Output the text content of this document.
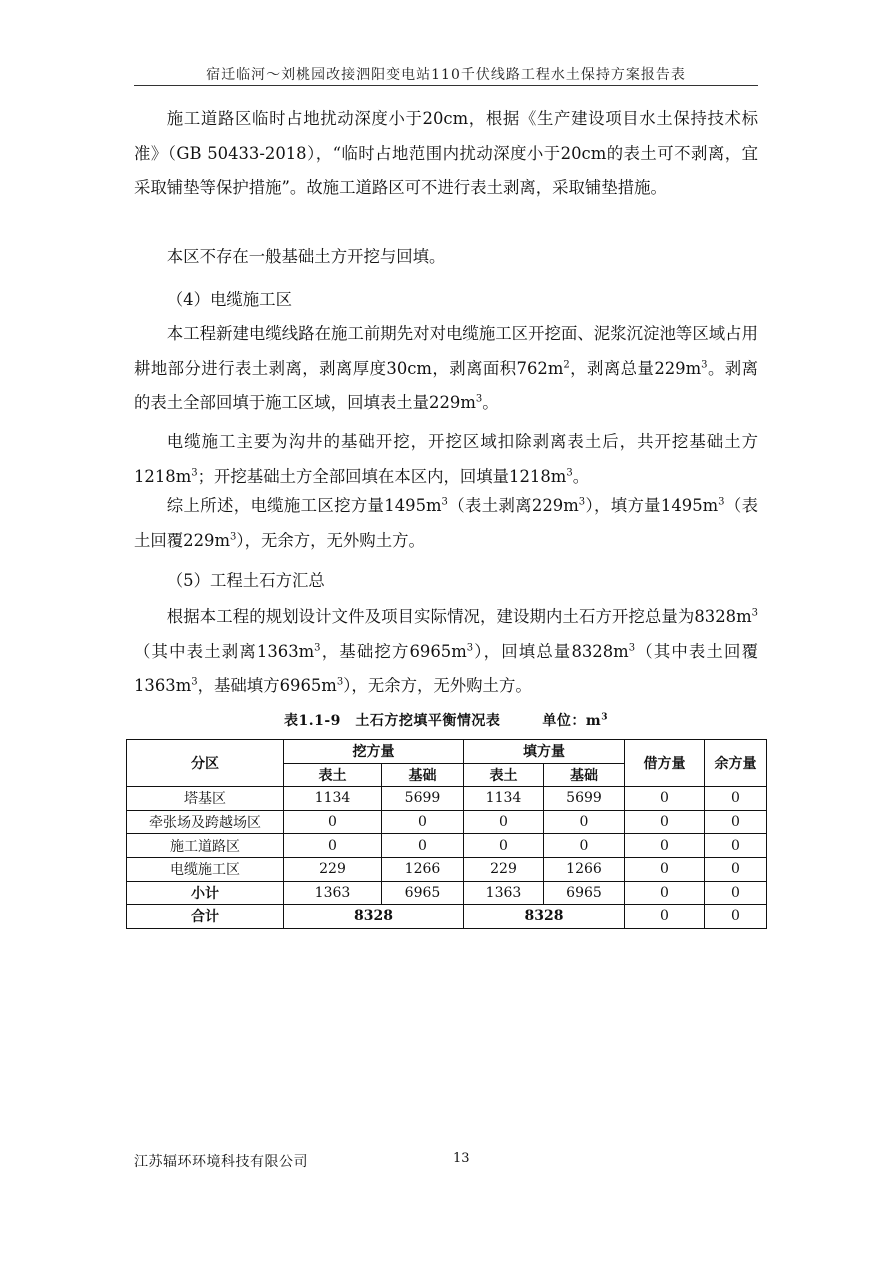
宿迁临河～刘桃园改接泗阳变电站110千伏线路工程水土保持方案报告表

施工道路区临时占地扰动深度小于20cm，根据《生产建设项目水土保持技术标准》（GB 50433-2018），“临时占地范围内扰动深度小于20cm的表土可不剥离，宜采取铺垫等保护措施”。故施工道路区可不进行表土剥离，采取铺垫措施。

本区不存在一般基础土方开挖与回填。

（4）电缆施工区

本工程新建电缆线路在施工前期先对对电缆施工区开挖面、泥浆沉淀池等区域占用耕地部分进行表土剥离，剥离厚度30cm，剥离面积$762m^2$，剥离总量$229m^3$。剥离的表土全部回填于施工区域，回填表土量$229m^3$。

电缆施工主要为沟井的基础开挖，开挖区域扣除剥离表土后，共开挖基础土方$1218m^3$；开挖基础土方全部回填在本区内，回填量$1218m^3$。

综上所述，电缆施工区挖方量$1495m^3$（表土剥离$229m^3$），填方量$1495m^3$（表土回覆$229m^3$），无余方，无外购土方。

（5）工程土石方汇总

根据本工程的规划设计文件及项目实际情况，建设期内土石方开挖总量为$8328m^3$（其中表土剥离$1363m^3$，基础挖方$6965m^3$），回填总量$8328m^3$（其中表土回覆$1363m^3$，基础填方$6965m^3$），无余方，无外购土方。

表1.1-9　土石方挖填平衡情况表	单位：$m^3$
分区	挖方量		填方量		借方量	余方量
	表土	基础	表土	基础		
塔基区	1134	5699	1134	5699	0	0
牵张场及跨越场区	0	0	0	0	0	0
施工道路区	0	0	0	0	0	0
电缆施工区	229	1266	229	1266	0	0
小计	1363	6965	1363	6965	0	0
合计	8328		8328		0	0
江苏辐环环境科技有限公司	13
